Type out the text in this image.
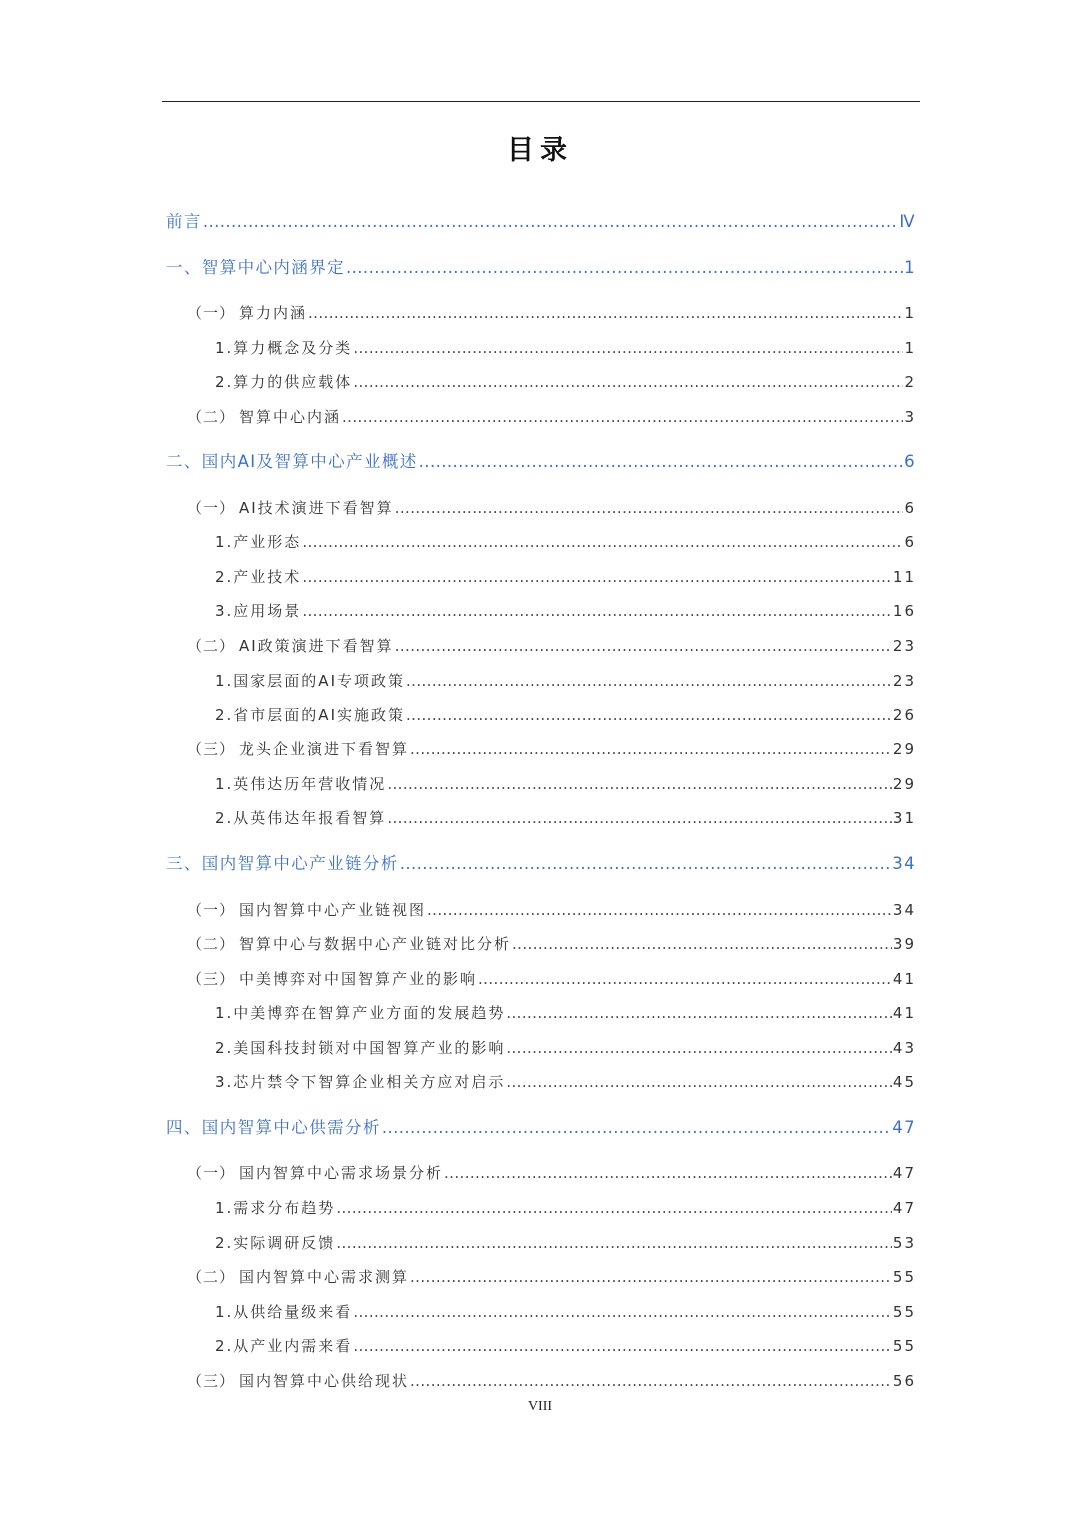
目录
前言 .....	Ⅳ
一、智算中心内涵界定 .....	1
（一） 算力内涵 .....	1
1.算力概念及分类 .....	1
2.算力的供应载体 .....	2
（二） 智算中心内涵 .....	3
二、国内AI及智算中心产业概述 .....	6
（一） AI技术演进下看智算 .....	6
1.产业形态 .....	6
2.产业技术 .....	11
3.应用场景 .....	16
（二） AI政策演进下看智算 .....	23
1.国家层面的AI专项政策 .....	23
2.省市层面的AI实施政策 .....	26
（三） 龙头企业演进下看智算 .....	29
1.英伟达历年营收情况 .....	29
2.从英伟达年报看智算 .....	31
三、国内智算中心产业链分析 .....	34
（一） 国内智算中心产业链视图 .....	34
（二） 智算中心与数据中心产业链对比分析 .....	39
（三） 中美博弈对中国智算产业的影响 .....	41
1.中美博弈在智算产业方面的发展趋势 .....	41
2.美国科技封锁对中国智算产业的影响 .....	43
3.芯片禁令下智算企业相关方应对启示 .....	45
四、国内智算中心供需分析 .....	47
（一） 国内智算中心需求场景分析 .....	47
1.需求分布趋势 .....	47
2.实际调研反馈 .....	53
（二） 国内智算中心需求测算 .....	55
1.从供给量级来看 .....	55
2.从产业内需来看 .....	55
（三） 国内智算中心供给现状 .....	56
VIII
